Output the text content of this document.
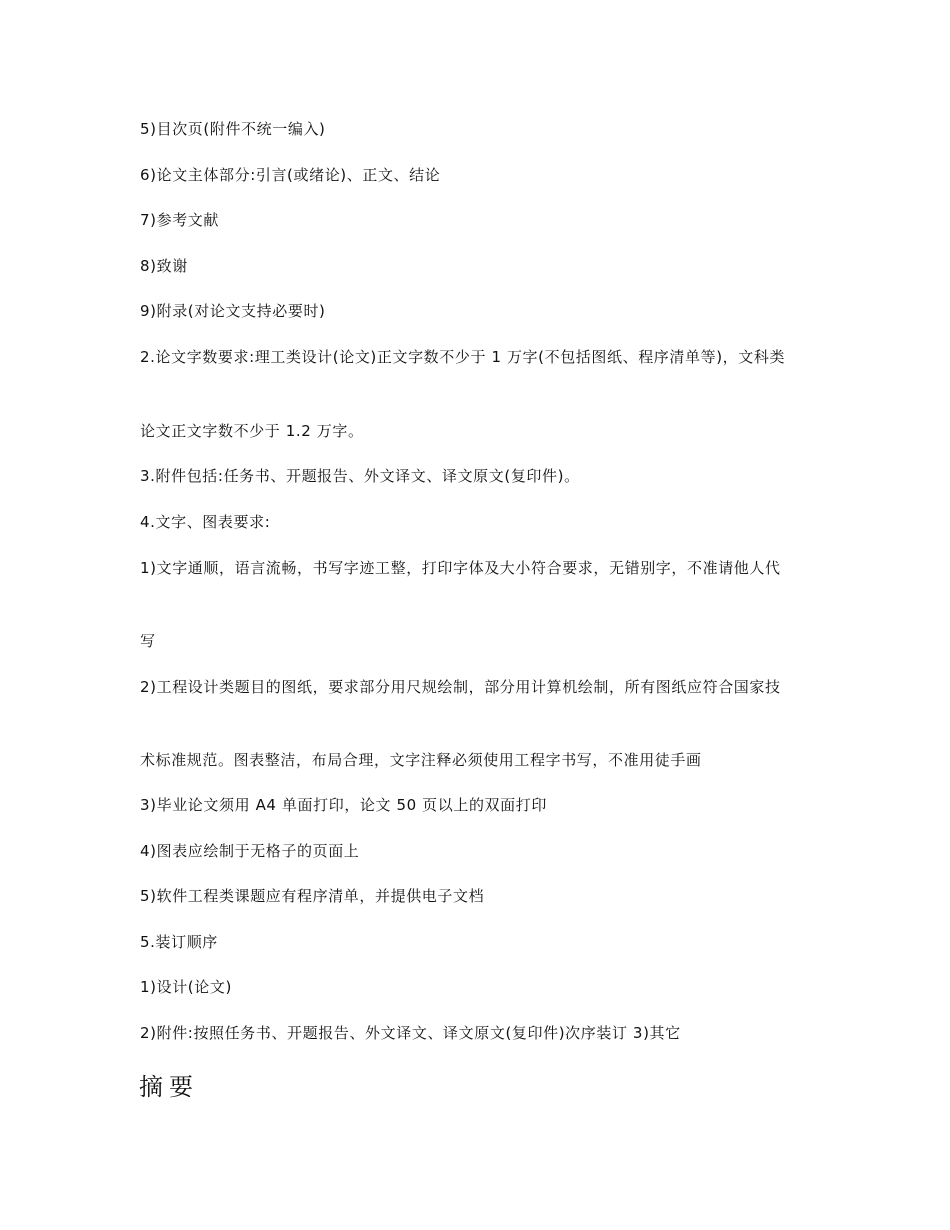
5)目次页(附件不统一编入)
6)论文主体部分:引言(或绪论)、正文、结论
7)参考文献
8)致谢
9)附录(对论文支持必要时)
2.论文字数要求:理工类设计(论文)正文字数不少于 1 万字(不包括图纸、程序清单等)，文科类
论文正文字数不少于 1.2 万字。
3.附件包括:任务书、开题报告、外文译文、译文原文(复印件)。
4.文字、图表要求:
1)文字通顺，语言流畅，书写字迹工整，打印字体及大小符合要求，无错别字，不准请他人代
写
2)工程设计类题目的图纸，要求部分用尺规绘制，部分用计算机绘制，所有图纸应符合国家技
术标准规范。图表整洁，布局合理，文字注释必须使用工程字书写，不准用徒手画
3)毕业论文须用 A4 单面打印，论文 50 页以上的双面打印
4)图表应绘制于无格子的页面上
5)软件工程类课题应有程序清单，并提供电子文档
5.装订顺序
1)设计(论文)
2)附件:按照任务书、开题报告、外文译文、译文原文(复印件)次序装订 3)其它
摘要
